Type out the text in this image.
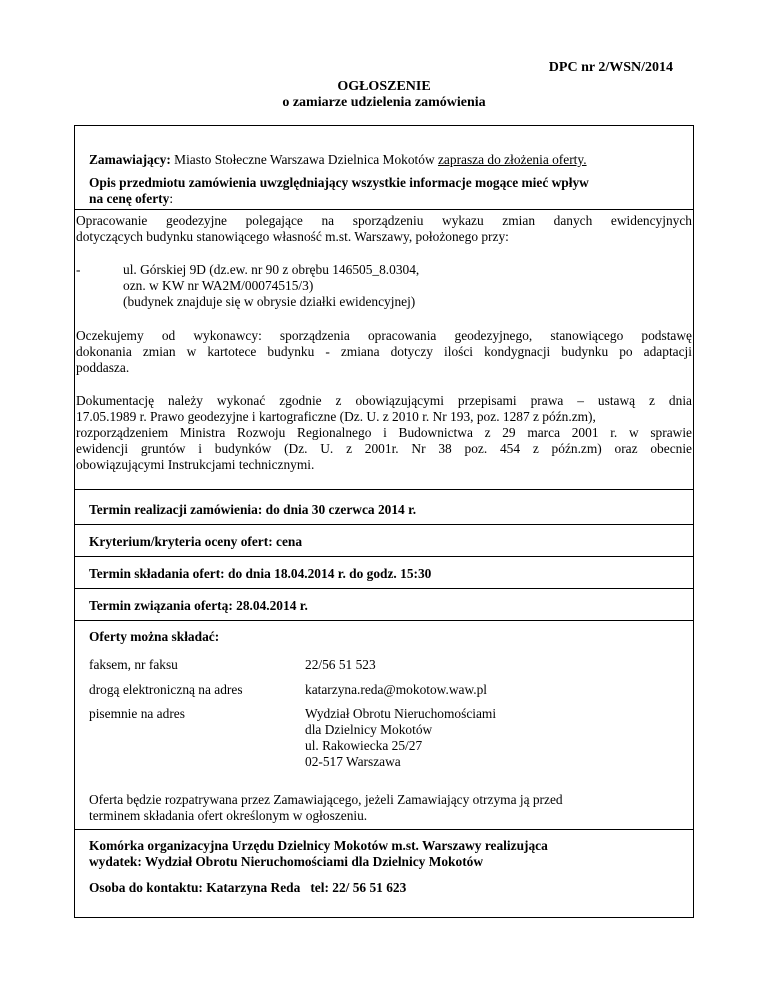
DPC nr 2/WSN/2014
OGŁOSZENIE
o zamiarze udzielenia zamówienia
Zamawiający: Miasto Stołeczne Warszawa Dzielnica Mokotów zaprasza do złożenia oferty.
Opis przedmiotu zamówienia uwzględniający wszystkie informacje mogące mieć wpływ
na cenę oferty:
Opracowanie geodezyjne polegające na sporządzeniu wykazu zmian danych ewidencyjnych
dotyczących budynku stanowiącego własność m.st. Warszawy, położonego przy:
-	ul. Górskiej 9D (dz.ew. nr 90 z obrębu 146505_8.0304,
ozn. w KW nr WA2M/00074515/3)
(budynek znajduje się w obrysie działki ewidencyjnej)
Oczekujemy od wykonawcy: sporządzenia opracowania geodezyjnego, stanowiącego podstawę
dokonania zmian w kartotece budynku - zmiana dotyczy ilości kondygnacji budynku po adaptacji
poddasza.
Dokumentację należy wykonać zgodnie z obowiązującymi przepisami prawa – ustawą z dnia
17.05.1989 r. Prawo geodezyjne i kartograficzne (Dz. U. z 2010 r. Nr 193, poz. 1287 z późn.zm),
rozporządzeniem Ministra Rozwoju Regionalnego i Budownictwa z 29 marca 2001 r. w sprawie
ewidencji gruntów i budynków (Dz. U. z 2001r. Nr 38 poz. 454 z późn.zm) oraz obecnie
obowiązującymi Instrukcjami technicznymi.
Termin realizacji zamówienia: do dnia 30 czerwca 2014 r.
Kryterium/kryteria oceny ofert: cena
Termin składania ofert: do dnia 18.04.2014 r. do godz. 15:30
Termin związania ofertą: 28.04.2014 r.
Oferty można składać:
faksem, nr faksu	22/56 51 523
drogą elektroniczną na adres	katarzyna.reda@mokotow.waw.pl
pisemnie na adres	Wydział Obrotu Nieruchomościami
dla Dzielnicy Mokotów
ul. Rakowiecka 25/27
02-517 Warszawa
Oferta będzie rozpatrywana przez Zamawiającego, jeżeli Zamawiający otrzyma ją przed
terminem składania ofert określonym w ogłoszeniu.
Komórka organizacyjna Urzędu Dzielnicy Mokotów m.st. Warszawy realizująca
wydatek: Wydział Obrotu Nieruchomościami dla Dzielnicy Mokotów
Osoba do kontaktu: Katarzyna Reda   tel: 22/ 56 51 623
